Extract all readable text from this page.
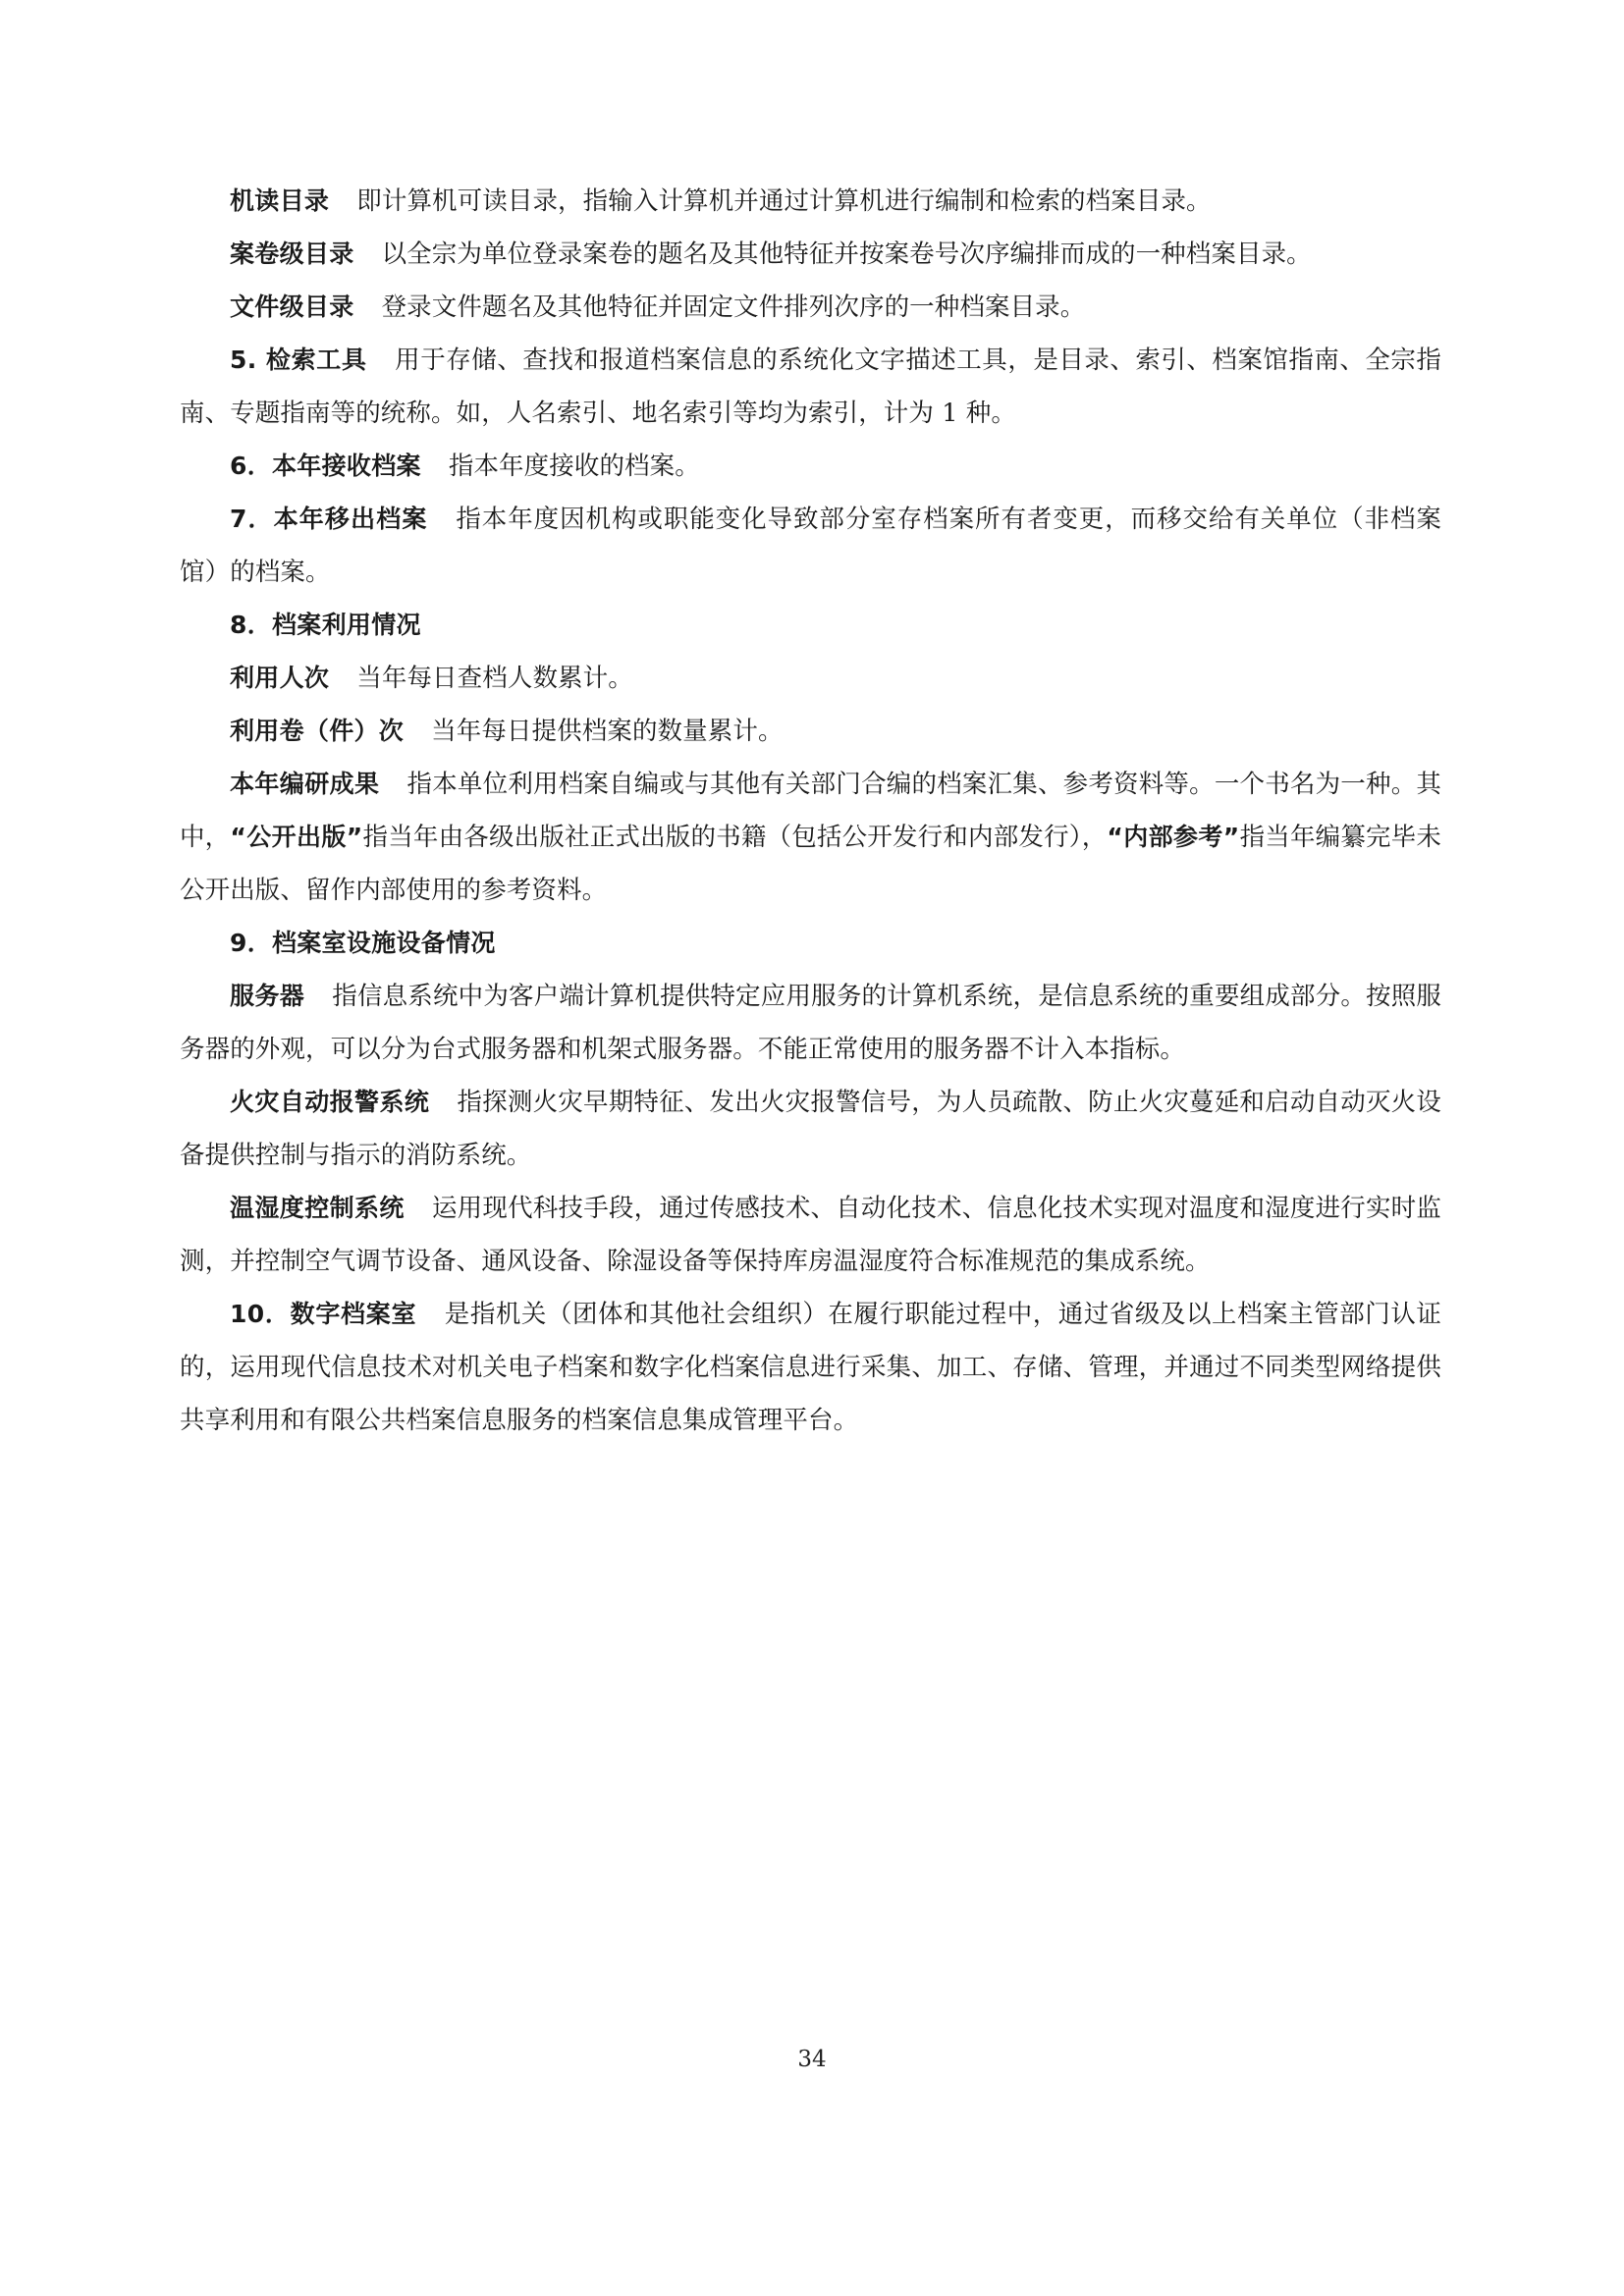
机读目录 即计算机可读目录，指输入计算机并通过计算机进行编制和检索的档案目录。

案卷级目录 以全宗为单位登录案卷的题名及其他特征并按案卷号次序编排而成的一种档案目录。

文件级目录 登录文件题名及其他特征并固定文件排列次序的一种档案目录。

5. 检索工具 用于存储、查找和报道档案信息的系统化文字描述工具，是目录、索引、档案馆指南、全宗指南、专题指南等的统称。如，人名索引、地名索引等均为索引，计为 1 种。

6．本年接收档案 指本年度接收的档案。

7．本年移出档案 指本年度因机构或职能变化导致部分室存档案所有者变更，而移交给有关单位（非档案馆）的档案。

8．档案利用情况

利用人次 当年每日查档人数累计。

利用卷（件）次 当年每日提供档案的数量累计。

本年编研成果 指本单位利用档案自编或与其他有关部门合编的档案汇集、参考资料等。一个书名为一种。其中，“公开出版”指当年由各级出版社正式出版的书籍（包括公开发行和内部发行），“内部参考”指当年编纂完毕未公开出版、留作内部使用的参考资料。

9．档案室设施设备情况

服务器 指信息系统中为客户端计算机提供特定应用服务的计算机系统，是信息系统的重要组成部分。按照服务器的外观，可以分为台式服务器和机架式服务器。不能正常使用的服务器不计入本指标。

火灾自动报警系统 指探测火灾早期特征、发出火灾报警信号，为人员疏散、防止火灾蔓延和启动自动灭火设备提供控制与指示的消防系统。

温湿度控制系统 运用现代科技手段，通过传感技术、自动化技术、信息化技术实现对温度和湿度进行实时监测，并控制空气调节设备、通风设备、除湿设备等保持库房温湿度符合标准规范的集成系统。

10．数字档案室 是指机关（团体和其他社会组织）在履行职能过程中，通过省级及以上档案主管部门认证的，运用现代信息技术对机关电子档案和数字化档案信息进行采集、加工、存储、管理，并通过不同类型网络提供共享利用和有限公共档案信息服务的档案信息集成管理平台。

34
